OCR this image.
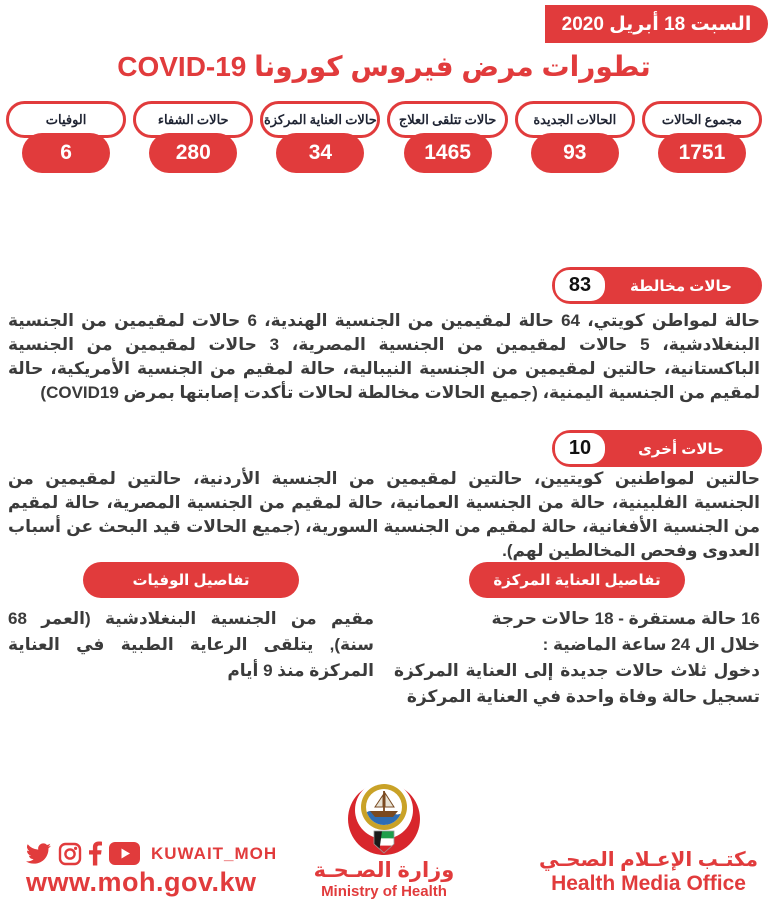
السبت 18 أبريل 2020
تطورات مرض فيروس كورونا COVID-19
مجموع الحالات
1751
الحالات الجديدة
93
حالات تتلقى العلاج
1465
حالات العناية المركزة
34
حالات الشفاء
280
الوفيات
6
حالات مخالطة
83

حالة لمواطن كويتي، 64 حالة لمقيمين من الجنسية الهندية، 6 حالات لمقيمين من الجنسية البنغلادشية، 5 حالات لمقيمين من الجنسية المصرية، 3 حالات لمقيمين من الجنسية الباكستانية، حالتين لمقيمين من الجنسية النيبالية، حالة لمقيم من الجنسية الأمريكية، حالة لمقيم من الجنسية اليمنية، (جميع الحالات مخالطة لحالات تأكدت إصابتها بمرض COVID19)

حالات أخرى
10

حالتين لمواطنين كويتيين، حالتين لمقيمين من الجنسية الأردنية، حالتين لمقيمين من الجنسية الفلبينية، حالة من الجنسية العمانية، حالة لمقيم من الجنسية المصرية، حالة لمقيم من الجنسية الأفغانية، حالة لمقيم من الجنسية السورية، (جميع الحالات قيد البحث عن أسباب العدوى وفحص المخالطين لهم).

تفاصيل العناية المركزة
16 حالة مستقرة - 18 حالات حرجة
خلال ال 24 ساعة الماضية :
دخول ثلاث حالات جديدة إلى العناية المركزة تسجيل حالة وفاة واحدة في العناية المركزة
تفاصيل الوفيات
مقيم من الجنسية البنغلادشية (العمر 68 سنة), يتلقى الرعاية الطبية في العناية المركزة منذ 9 أيام
KUWAIT_MOH
www.moh.gov.kw	وزارة الصـحـة
Ministry of Health
مكتـب الإعـلام الصحـي
Health Media Office
